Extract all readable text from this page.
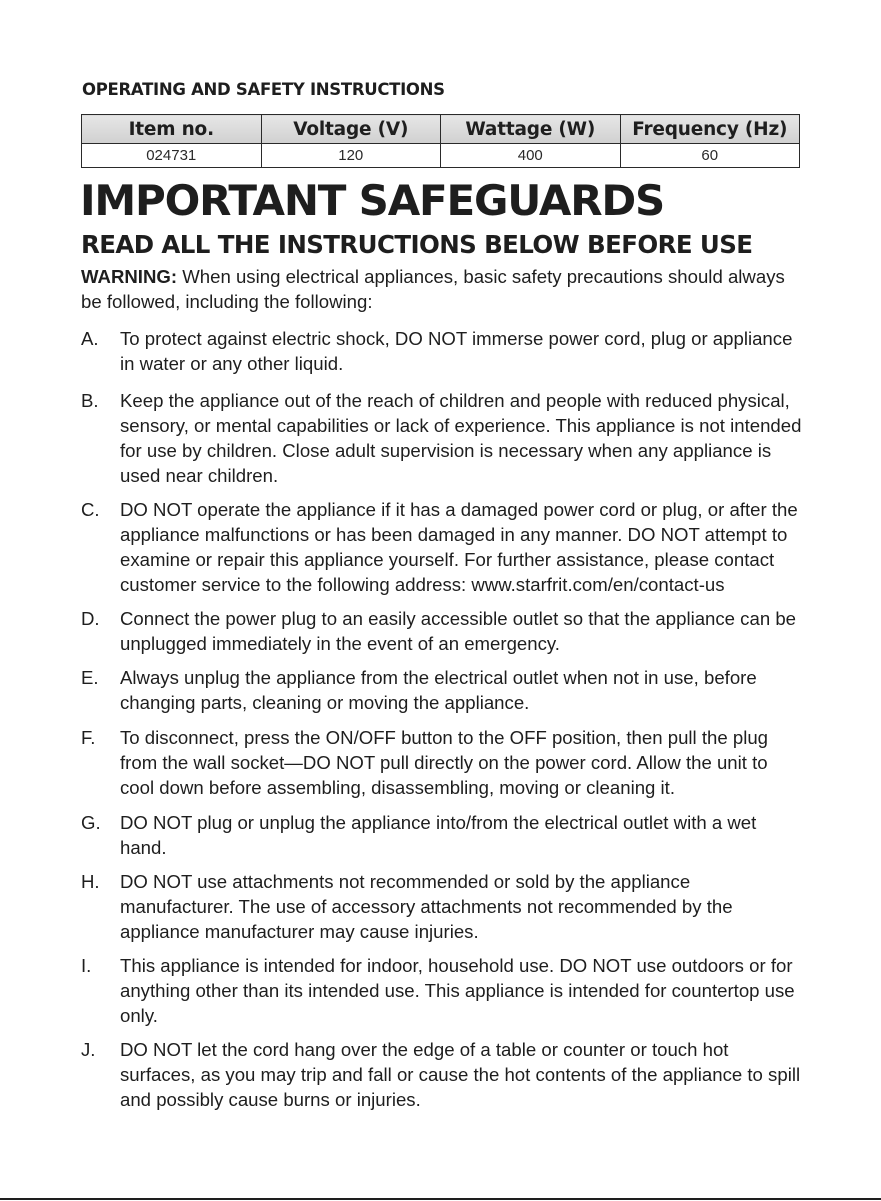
OPERATING AND SAFETY INSTRUCTIONS
Item no.	Voltage (V)	Wattage (W)	Frequency (Hz)
024731	120	400	60
IMPORTANT SAFEGUARDS
READ ALL THE INSTRUCTIONS BELOW BEFORE USE

WARNING: When using electrical appliances, basic safety precautions should always be followed, including the following:

A.	To protect against electric shock, DO NOT immerse power cord, plug or appliance in water or any other liquid.
B.	Keep the appliance out of the reach of children and people with reduced physical, sensory, or mental capabilities or lack of experience. This appliance is not intended for use by children. Close adult supervision is necessary when any appliance is used near children.
C.	DO NOT operate the appliance if it has a damaged power cord or plug, or after the appliance malfunctions or has been damaged in any manner. DO NOT attempt to examine or repair this appliance yourself. For further assistance, please contact customer service to the following address: www.starfrit.com/en/contact-us
D.	Connect the power plug to an easily accessible outlet so that the appliance can be unplugged immediately in the event of an emergency.
E.	Always unplug the appliance from the electrical outlet when not in use, before changing parts, cleaning or moving the appliance.
F.	To disconnect, press the ON/OFF button to the OFF position, then pull the plug from the wall socket—DO NOT pull directly on the power cord. Allow the unit to cool down before assembling, disassembling, moving or cleaning it.
G.	DO NOT plug or unplug the appliance into/from the electrical outlet with a wet hand.
H.	DO NOT use attachments not recommended or sold by the appliance manufacturer. The use of accessory attachments not recommended by the appliance manufacturer may cause injuries.
I.	This appliance is intended for indoor, household use. DO NOT use outdoors or for anything other than its intended use. This appliance is intended for countertop use only.
J.	DO NOT let the cord hang over the edge of a table or counter or touch hot surfaces, as you may trip and fall or cause the hot contents of the appliance to spill and possibly cause burns or injuries.
